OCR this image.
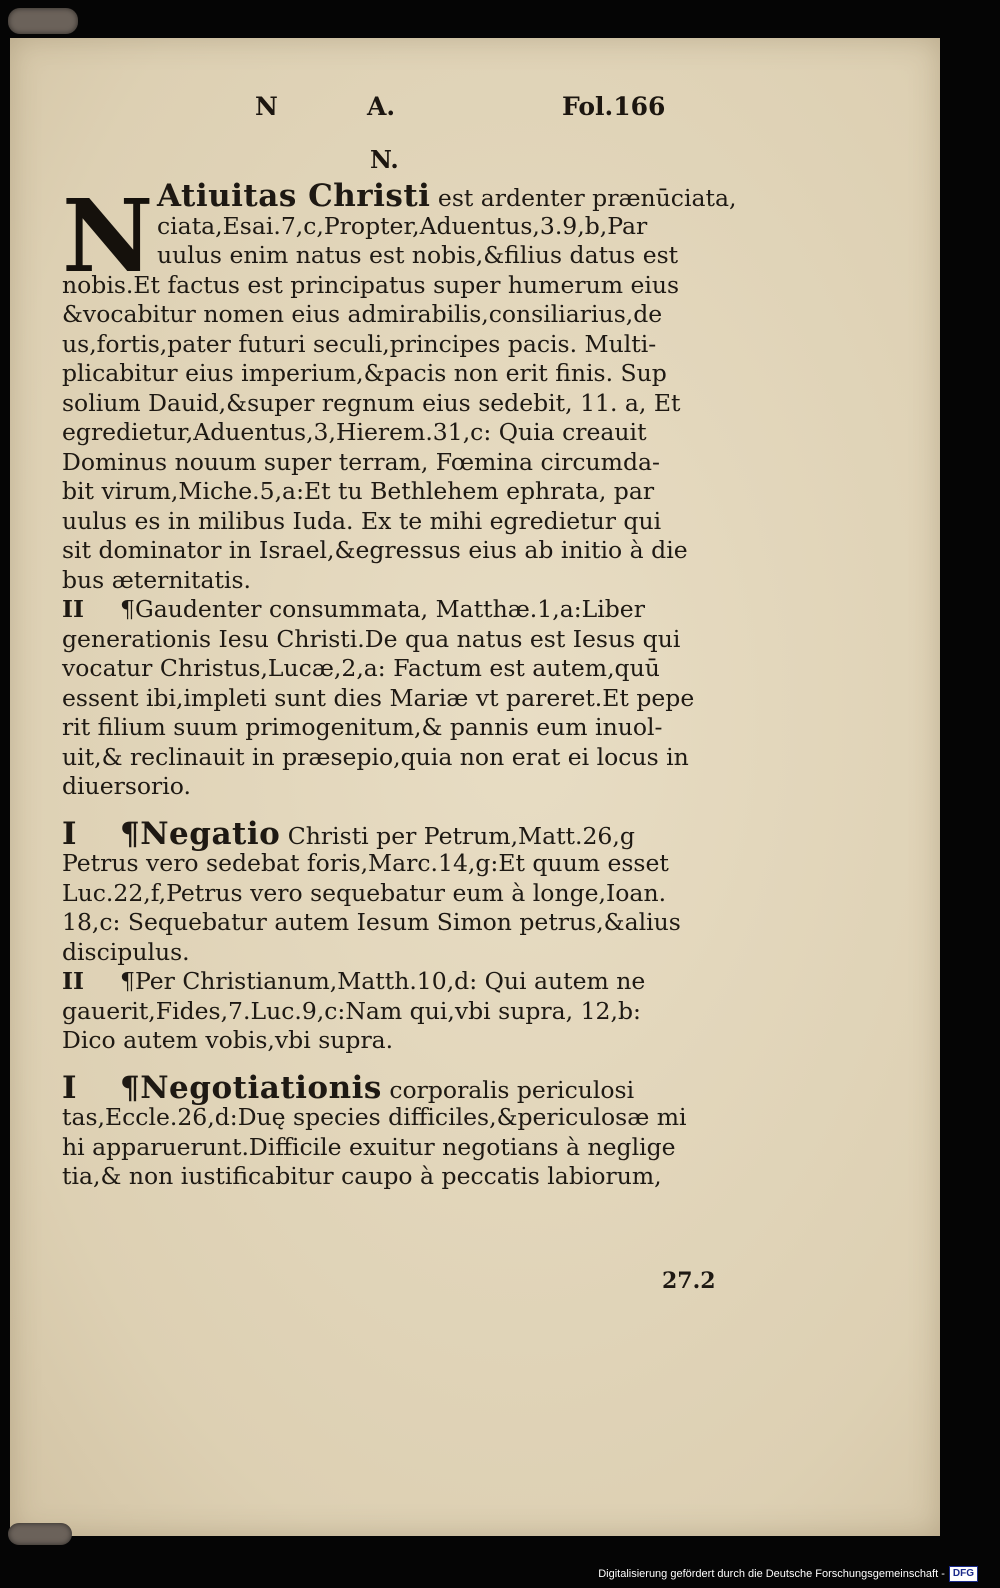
N	A.	Fol.166
N.
N Atiuitas Christi est ardenter prænūciata,
ciata,Esai.7,c,Propter,Aduentus,3.9,b,Par
uulus enim natus est nobis,&filius datus est
nobis.Et factus est principatus super humerum eius
&vocabitur nomen eius admirabilis,consiliarius,de
us,fortis,pater futuri seculi,principes pacis. Multi-
plicabitur eius imperium,&pacis non erit finis. Sup
solium Dauid,&super regnum eius sedebit, 11. a, Et
egredietur,Aduentus,3,Hierem.31,c: Quia creauit
Dominus nouum super terram, Fœmina circumda-
bit virum,Miche.5,a:Et tu Bethlehem ephrata, par
uulus es in milibus Iuda. Ex te mihi egredietur qui
sit dominator in Israel,&egressus eius ab initio à die
bus æternitatis.
II ¶Gaudenter consummata, Matthæ.1,a:Liber
generationis Iesu Christi.De qua natus est Iesus qui
vocatur Christus,Lucæ,2,a: Factum est autem,quū
essent ibi,impleti sunt dies Mariæ vt pareret.Et pepe
rit filium suum primogenitum,& pannis eum inuol-
uit,& reclinauit in præsepio,quia non erat ei locus in
diuersorio.
I ¶Negatio Christi per Petrum,Matt.26,g
Petrus vero sedebat foris,Marc.14,g:Et quum esset
Luc.22,f,Petrus vero sequebatur eum à longe,Ioan.
18,c: Sequebatur autem Iesum Simon petrus,&alius
discipulus.
II ¶Per Christianum,Matth.10,d: Qui autem ne
gauerit,Fides,7.Luc.9,c:Nam qui,vbi supra, 12,b:
Dico autem vobis,vbi supra.
I ¶Negotiationis corporalis periculosi
tas,Eccle.26,d:Duę species difficiles,&periculosæ mi
hi apparuerunt.Difficile exuitur negotians à neglige
tia,& non iustificabitur caupo à peccatis labiorum,
27.2
Digitalisierung gefördert durch die Deutsche Forschungsgemeinschaft - DFG
